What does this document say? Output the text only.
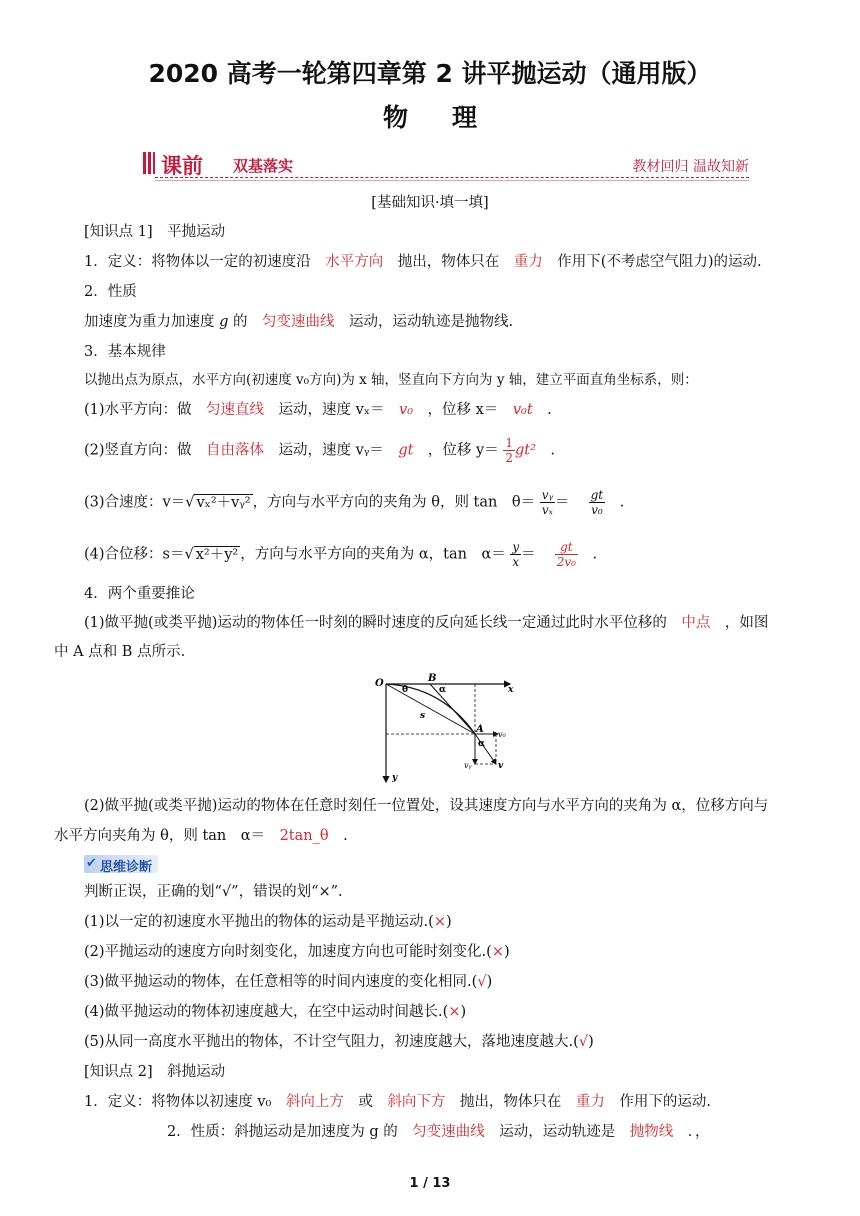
2020 高考一轮第四章第 2 讲平抛运动（通用版）
物理
课前 双基落实	教材回归 温故知新
[基础知识·填一填]
[知识点 1]　平抛运动
1．定义：将物体以一定的初速度沿　 水平方向　 抛出，物体只在　 重力　 作用下(不考虑空气阻力)的运动.
2．性质
加速度为重力加速度 g 的　 匀变速曲线　 运动，运动轨迹是抛物线.
3．基本规律
以抛出点为原点，水平方向(初速度 v₀方向)为 x 轴，竖直向下方向为 y 轴，建立平面直角坐标系，则：
(1)水平方向：做　 匀速直线　 运动，速度 vₓ＝　 v₀　 ，位移 x＝　 v₀t　 .
(2)竖直方向：做　 自由落体　 运动，速度 vᵧ＝　 gt　 ，位移 $y= \frac{1}{2} gt^2$　 .
(3)合速度：v＝√ vₓ²＋vᵧ² ，方向与水平方向的夹角为 θ，则 tan　$\theta= \frac{\text{vᵧ}}{\text{vₓ}}$ ＝　 $\frac{gt}{\text{v₀}}$
　 .
(4)合位移：s＝√ x²＋y² ，方向与水平方向的夹角为 α，tan　$\alpha= \frac{y}{x}$ ＝　 $\frac{gt}{\text{2v₀}}$
　 .
4．两个重要推论
(1)做平抛(或类平抛)运动的物体任一时刻的瞬时速度的反向延长线一定通过此时水平位移的　 中点　 ，如图
中 A 点和 B 点所示.
O	B
x
y
θ	α
s
A
α
v₀
vᵧ	v
(2)做平抛(或类平抛)运动的物体在任意时刻任一位置处，设其速度方向与水平方向的夹角为 α，位移方向与
水平方向夹角为 θ，则 tan　α＝　 2tan_θ　 .
✔ 思维诊断
判断正误，正确的划“√”，错误的划“×”.
(1)以一定的初速度水平抛出的物体的运动是平抛运动.(×)
(2)平抛运动的速度方向时刻变化，加速度方向也可能时刻变化.(×)
(3)做平抛运动的物体，在任意相等的时间内速度的变化相同.(√)
(4)做平抛运动的物体初速度越大，在空中运动时间越长.(×)
(5)从同一高度水平抛出的物体，不计空气阻力，初速度越大，落地速度越大.(√)
[知识点 2]　斜抛运动
1．定义：将物体以初速度 v₀　 斜向上方　 或　 斜向下方　 抛出，物体只在　 重力　 作用下的运动.
2．性质：斜抛运动是加速度为 g 的　 匀变速曲线　 运动，运动轨迹是　 抛物线　 ．，
1 / 13
